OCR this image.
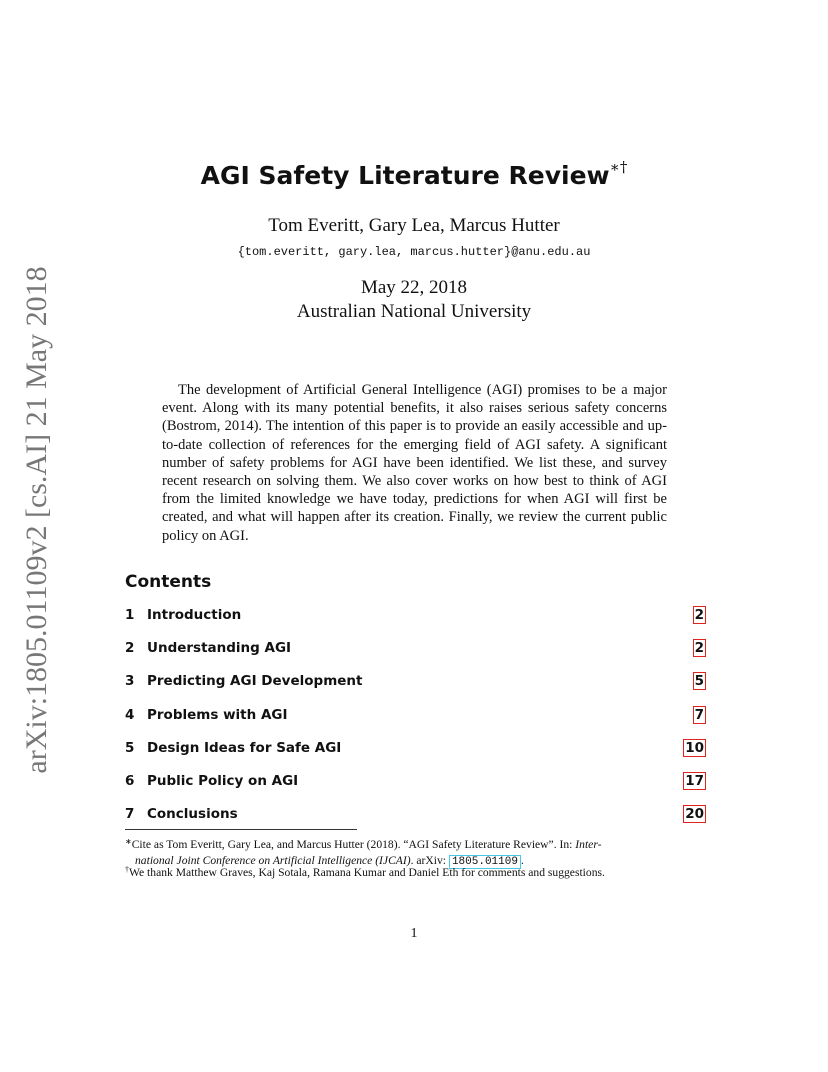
arXiv:1805.01109v2 [cs.AI] 21 May 2018
AGI Safety Literature Review∗†
Tom Everitt, Gary Lea, Marcus Hutter
{tom.everitt, gary.lea, marcus.hutter}@anu.edu.au
May 22, 2018
Australian National University
The development of Artificial General Intelligence (AGI) promises to be a major event. Along with its many potential benefits, it also raises serious safety concerns (Bostrom, 2014). The intention of this paper is to provide an easily accessible and up-to-date collection of references for the emerging field of AGI safety. A significant number of safety problems for AGI have been identified. We list these, and survey recent research on solving them. We also cover works on how best to think of AGI from the limited knowledge we have today, predictions for when AGI will first be created, and what will happen after its creation. Finally, we review the current public policy on AGI.
Contents
1 Introduction	2
2 Understanding AGI	2
3 Predicting AGI Development	5
4 Problems with AGI	7
5 Design Ideas for Safe AGI	10
6 Public Policy on AGI	17
7 Conclusions	20
∗Cite as Tom Everitt, Gary Lea, and Marcus Hutter (2018). “AGI Safety Literature Review”. In: Inter-
national Joint Conference on Artificial Intelligence (IJCAI). arXiv: 1805.01109 .
†We thank Matthew Graves, Kaj Sotala, Ramana Kumar and Daniel Eth for comments and suggestions.
1
